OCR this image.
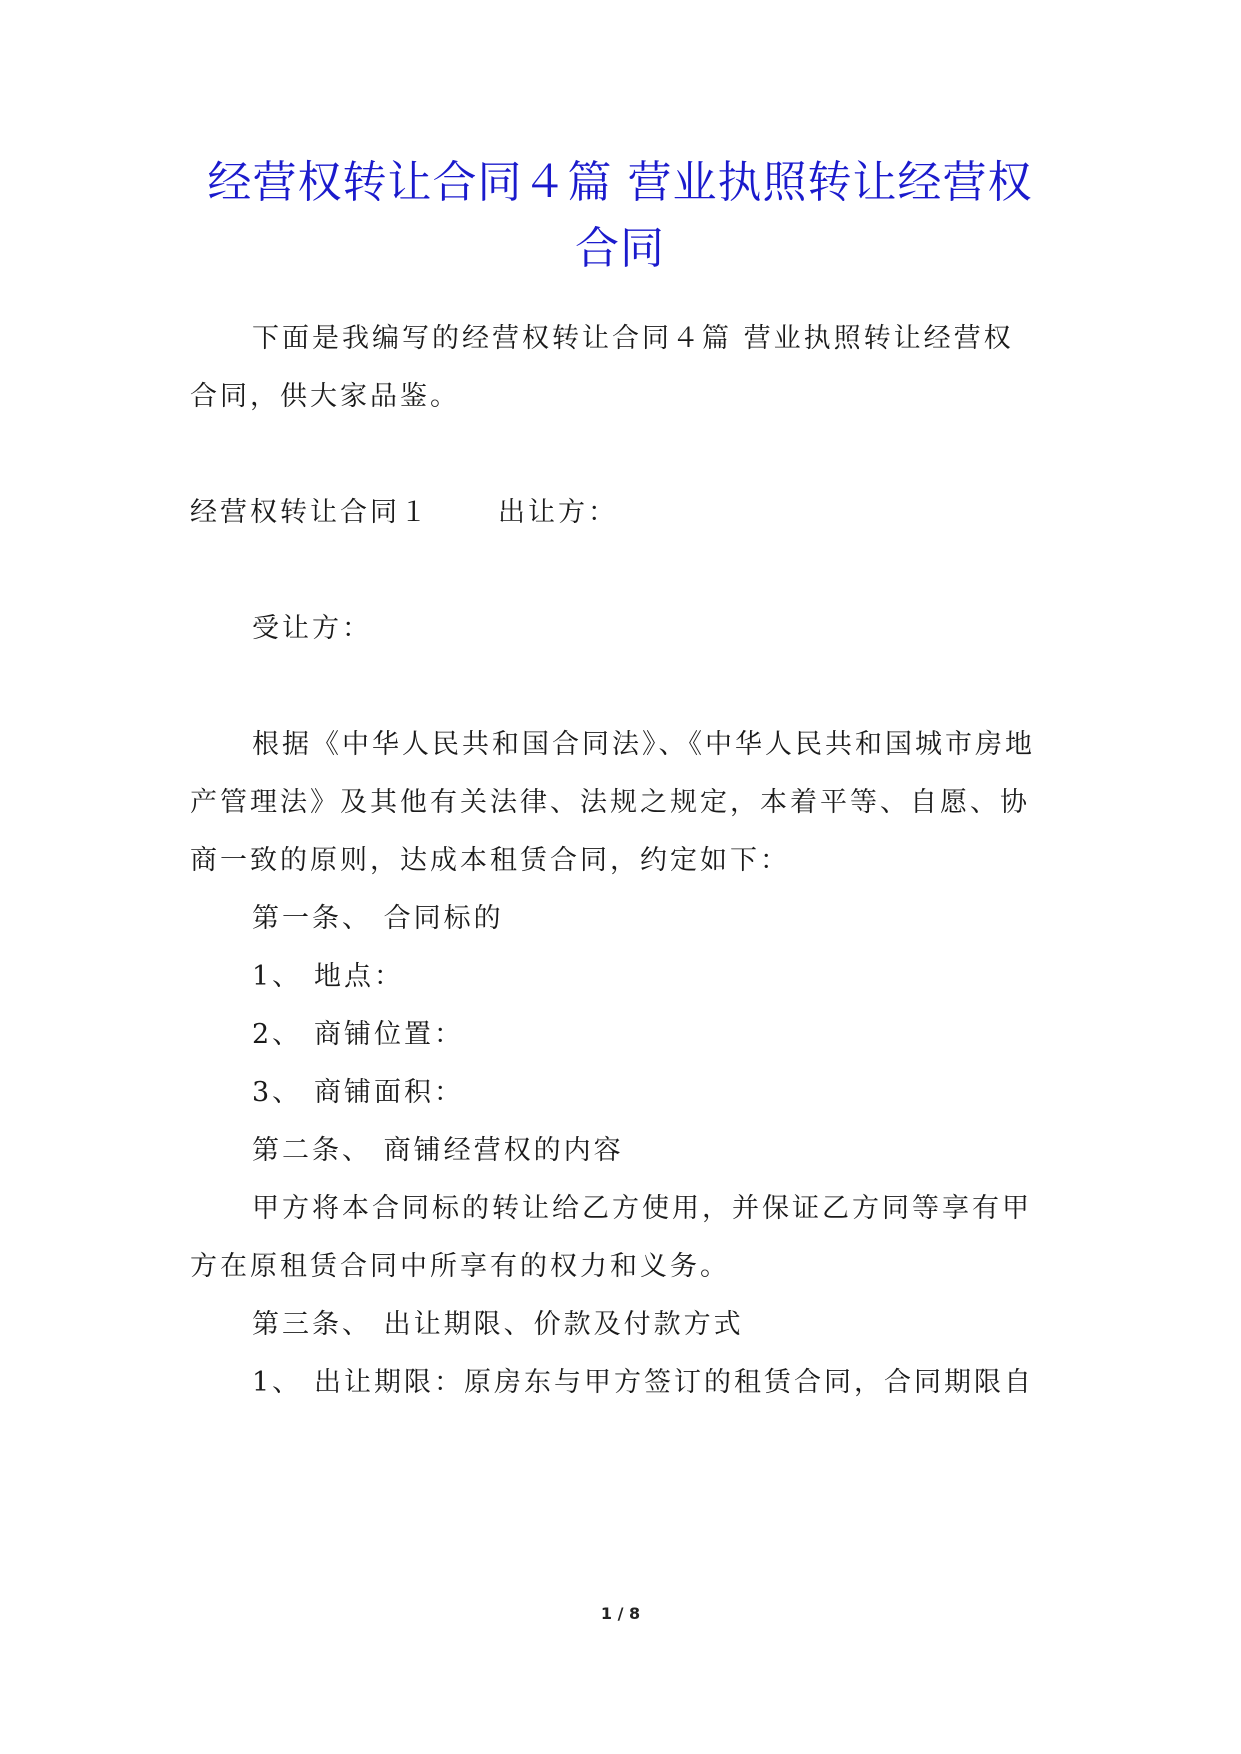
经营权转让合同４篇 营业执照转让经营权
合同
下面是我编写的经营权转让合同４篇 营业执照转让经营权
合同，供大家品鉴。
经营权转让合同１	出让方：
受让方：
根据《中华人民共和国合同法》、《中华人民共和国城市房地
产管理法》及其他有关法律、法规之规定，本着平等、自愿、协
商一致的原则，达成本租赁合同，约定如下：
第一条、 合同标的
1、 地点：
2、 商铺位置：
3、 商铺面积：
第二条、 商铺经营权的内容
甲方将本合同标的转让给乙方使用，并保证乙方同等享有甲
方在原租赁合同中所享有的权力和义务。
第三条、 出让期限、价款及付款方式
1、 出让期限：原房东与甲方签订的租赁合同，合同期限自
1 / 8
